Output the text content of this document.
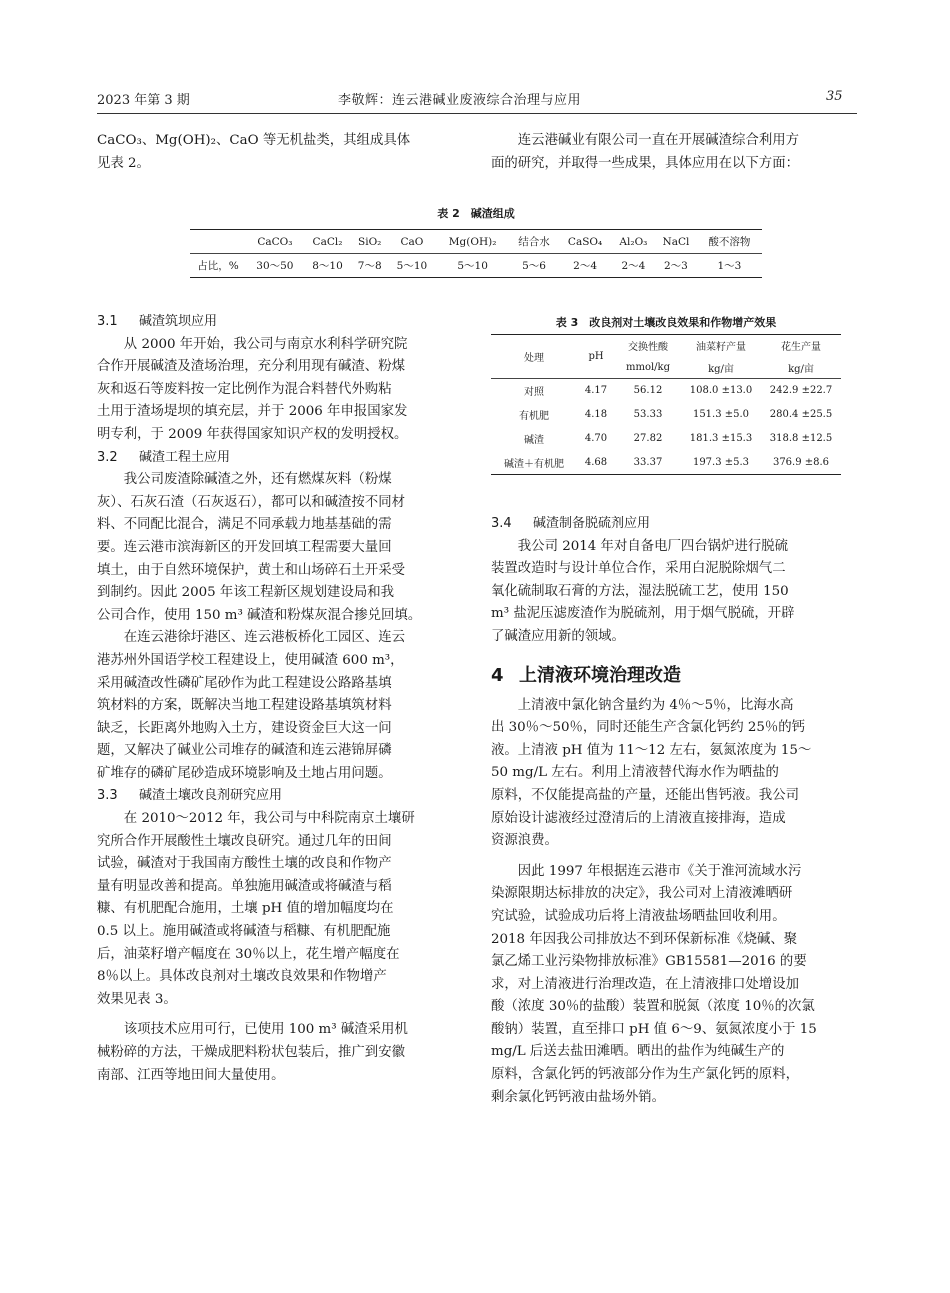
2023 年第 3 期	李敬辉：连云港碱业废液综合治理与应用	35

CaCO₃、Mg(OH)₂、CaO 等无机盐类，其组成具体

见表 2。

连云港碱业有限公司一直在开展碱渣综合利用方

面的研究，并取得一些成果，具体应用在以下方面：

表 2　碱渣组成
	CaCO₃	CaCl₂	SiO₂	CaO	Mg(OH)₂	结合水	CaSO₄	Al₂O₃	NaCl	酸不溶物
占比，%	30～50	8～10	7～8	5～10	5～10	5～6	2～4	2～4	2～3	1～3
3.1 碱渣筑坝应用

从 2000 年开始，我公司与南京水利科学研究院

合作开展碱渣及渣场治理，充分利用现有碱渣、粉煤

灰和返石等废料按一定比例作为混合料替代外购粘

土用于渣场堤坝的填充层，并于 2006 年申报国家发

明专利，于 2009 年获得国家知识产权的发明授权。

3.2 碱渣工程土应用

我公司废渣除碱渣之外，还有燃煤灰料（粉煤

灰）、石灰石渣（石灰返石），都可以和碱渣按不同材

料、不同配比混合，满足不同承载力地基基础的需

要。连云港市滨海新区的开发回填工程需要大量回

填土，由于自然环境保护，黄土和山场碎石土开采受

到制约。因此 2005 年该工程新区规划建设局和我

公司合作，使用 150 m³ 碱渣和粉煤灰混合掺兑回填。

在连云港徐圩港区、连云港板桥化工园区、连云

港苏州外国语学校工程建设上，使用碱渣 600 m³，

采用碱渣改性磷矿尾砂作为此工程建设公路路基填

筑材料的方案，既解决当地工程建设路基填筑材料

缺乏，长距离外地购入土方，建设资金巨大这一问

题，又解决了碱业公司堆存的碱渣和连云港锦屏磷

矿堆存的磷矿尾砂造成环境影响及土地占用问题。

3.3 碱渣土壤改良剂研究应用

在 2010～2012 年，我公司与中科院南京土壤研

究所合作开展酸性土壤改良研究。通过几年的田间

试验，碱渣对于我国南方酸性土壤的改良和作物产

量有明显改善和提高。单独施用碱渣或将碱渣与稻

糠、有机肥配合施用，土壤 pH 值的增加幅度均在

0.5 以上。施用碱渣或将碱渣与稻糠、有机肥配施

后，油菜籽增产幅度在 30％以上，花生增产幅度在

8％以上。具体改良剂对土壤改良效果和作物增产

效果见表 3。

该项技术应用可行，已使用 100 m³ 碱渣采用机

械粉碎的方法，干燥成肥料粉状包装后，推广到安徽

南部、江西等地田间大量使用。

表 3　改良剂对土壤改良效果和作物增产效果
处理	pH	交换性酸	油菜籽产量	花生产量
		mmol/kg	kg/亩	kg/亩
对照	4.17	56.12	108.0 ±13.0	242.9 ±22.7
有机肥	4.18	53.33	151.3 ±5.0	280.4 ±25.5
碱渣	4.70	27.82	181.3 ±15.3	318.8 ±12.5
碱渣＋有机肥	4.68	33.37	197.3 ±5.3	376.9 ±8.6
3.4 碱渣制备脱硫剂应用

我公司 2014 年对自备电厂四台锅炉进行脱硫

装置改造时与设计单位合作，采用白泥脱除烟气二

氧化硫制取石膏的方法，湿法脱硫工艺，使用 150

m³ 盐泥压滤废渣作为脱硫剂，用于烟气脱硫，开辟

了碱渣应用新的领域。

4 上清液环境治理改造

上清液中氯化钠含量约为 4％～5％，比海水高

出 30％～50％，同时还能生产含氯化钙约 25％的钙

液。上清液 pH 值为 11～12 左右，氨氮浓度为 15～

50 mg/L 左右。利用上清液替代海水作为晒盐的

原料，不仅能提高盐的产量，还能出售钙液。我公司

原始设计滤液经过澄清后的上清液直接排海，造成

资源浪费。

因此 1997 年根据连云港市《关于淮河流域水污

染源限期达标排放的决定》，我公司对上清液滩晒研

究试验，试验成功后将上清液盐场晒盐回收利用。

2018 年因我公司排放达不到环保新标准《烧碱、聚

氯乙烯工业污染物排放标准》GB15581—2016 的要

求，对上清液进行治理改造，在上清液排口处增设加

酸（浓度 30％的盐酸）装置和脱氮（浓度 10％的次氯

酸钠）装置，直至排口 pH 值 6～9、氨氮浓度小于 15

mg/L 后送去盐田滩晒。晒出的盐作为纯碱生产的

原料，含氯化钙的钙液部分作为生产氯化钙的原料，

剩余氯化钙钙液由盐场外销。
